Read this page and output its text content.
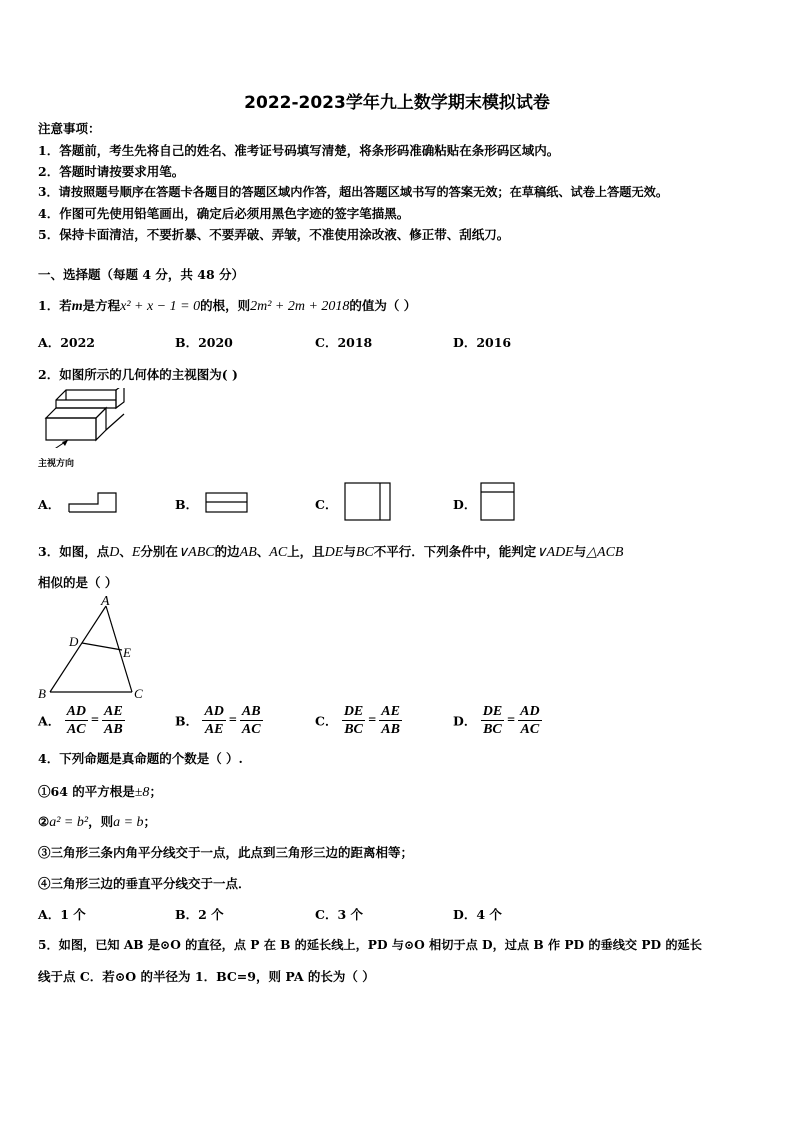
2022-2023学年九上数学期末模拟试卷
注意事项：
1．答题前，考生先将自己的姓名、准考证号码填写清楚，将条形码准确粘贴在条形码区域内。
2．答题时请按要求用笔。
3．请按照题号顺序在答题卡各题目的答题区域内作答，超出答题区域书写的答案无效；在草稿纸、试卷上答题无效。
4．作图可先使用铅笔画出，确定后必须用黑色字迹的签字笔描黑。
5．保持卡面清洁，不要折暴、不要弄破、弄皱，不准使用涂改液、修正带、刮纸刀。
一、选择题（每题 4 分，共 48 分）
1．若m是方程x² + x − 1 = 0的根，则2m² + 2m + 2018的值为（ ）
A．2022	B．2020	C．2018	D．2016
2．如图所示的几何体的主视图为( )
主视方向
A．	B．	C．	D．
3．如图，点D、E分别在∨ABC的边AB、AC上，且DE与BC不平行．下列条件中，能判定∨ADE与△ACB
相似的是（ ）
A
B	C
D
E
A． $\frac{AD}{AC} = \frac{AE}{AB}$	B． $\frac{AD}{AE} = \frac{AB}{AC}$	C． $\frac{DE}{BC} = \frac{AE}{AB}$	D． $\frac{DE}{BC} = \frac{AD}{AC}$
4．下列命题是真命题的个数是（ ）.
①64 的平方根是±8；
②a² = b²，则a = b；
③三角形三条内角平分线交于一点，此点到三角形三边的距离相等；
④三角形三边的垂直平分线交于一点．
A．1 个	B．2 个	C．3 个	D．4 个
5．如图，已知 AB 是⊙O 的直径，点 P 在 B 的延长线上，PD 与⊙O 相切于点 D，过点 B 作 PD 的垂线交 PD 的延长
线于点 C．若⊙O 的半径为 1．BC=9，则 PA 的长为（ ）
